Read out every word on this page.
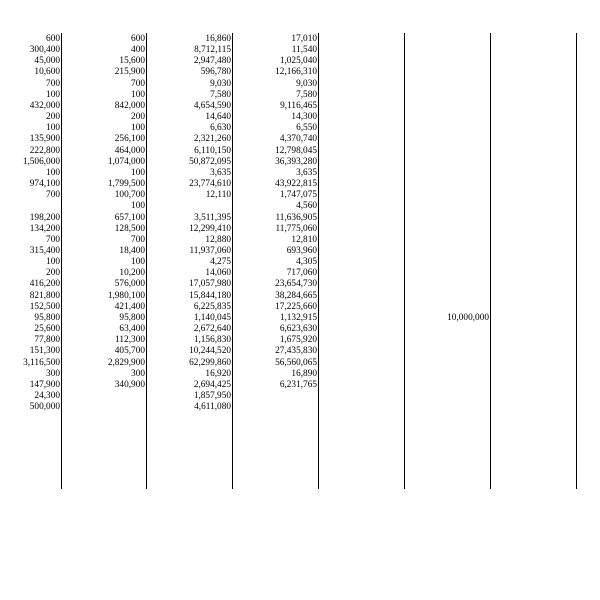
600
300,400
45,000
10,600
700
100
432,000
200
100
135,900
222,800
1,506,000
100
974,100
700
198,200
134,200
700
315,400
100
200
416,200
821,800
152,500
95,800
25,600
77,800
151,300
3,116,500
300
147,900
24,300
500,000
600
400
15,600
215,900
700
100
842,000
200
100
256,100
464,000
1,074,000
100
1,799,500
100,700
100
657,100
128,500
700
18,400
100
10,200
576,000
1,980,100
421,400
95,800
63,400
112,300
405,700
2,829,900
300
340,900
16,860
8,712,115
2,947,480
596,780
9,030
7,580
4,654,590
14,640
6,630
2,321,260
6,110,150
50,872,095
3,635
23,774,610
12,110
3,511,395
12,299,410
12,880
11,937,060
4,275
14,060
17,057,980
15,844,180
6,225,835
1,140,045
2,672,640
1,156,830
10,244,520
62,299,860
16,920
2,694,425
1,857,950
4,611,080
17,010
11,540
1,025,040
12,166,310
9,030
7,580
9,116,465
14,300
6,550
4,370,740
12,798,045
36,393,280
3,635
43,922,815
1,747,075
4,560
11,636,905
11,775,060
12,810
693,960
4,305
717,060
23,654,730
38,284,665
17,225,660
1,132,915
6,623,630
1,675,920
27,435,830
56,560,065
16,890
6,231,765
10,000,000
